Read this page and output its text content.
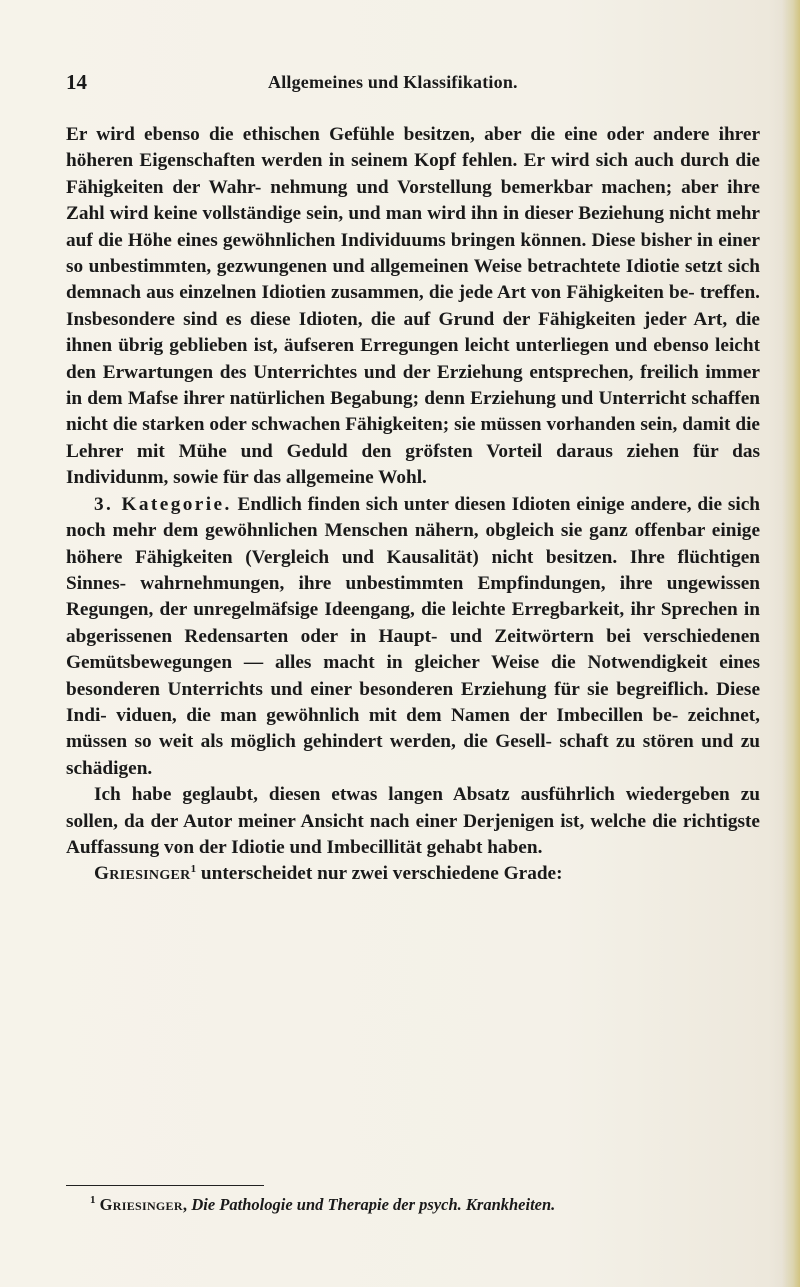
14	Allgemeines und Klassifikation.

Er wird ebenso die ethischen Gefühle besitzen, aber die eine oder andere ihrer höheren Eigenschaften werden in seinem Kopf fehlen. Er wird sich auch durch die Fähigkeiten der Wahr- nehmung und Vorstellung bemerkbar machen; aber ihre Zahl wird keine vollständige sein, und man wird ihn in dieser Beziehung nicht mehr auf die Höhe eines gewöhnlichen Individuums bringen können. Diese bisher in einer so unbestimmten, gezwungenen und allgemeinen Weise betrachtete Idiotie setzt sich demnach aus einzelnen Idiotien zusammen, die jede Art von Fähigkeiten be- treffen. Insbesondere sind es diese Idioten, die auf Grund der Fähigkeiten jeder Art, die ihnen übrig geblieben ist, äufseren Erregungen leicht unterliegen und ebenso leicht den Erwartungen des Unterrichtes und der Erziehung entsprechen, freilich immer in dem Mafse ihrer natürlichen Begabung; denn Erziehung und Unterricht schaffen nicht die starken oder schwachen Fähigkeiten; sie müssen vorhanden sein, damit die Lehrer mit Mühe und Geduld den gröfsten Vorteil daraus ziehen für das Individunm, sowie für das allgemeine Wohl.

3. Kategorie. Endlich finden sich unter diesen Idioten einige andere, die sich noch mehr dem gewöhnlichen Menschen nähern, obgleich sie ganz offenbar einige höhere Fähigkeiten (Vergleich und Kausalität) nicht besitzen. Ihre flüchtigen Sinnes- wahrnehmungen, ihre unbestimmten Empfindungen, ihre ungewissen Regungen, der unregelmäfsige Ideengang, die leichte Erregbarkeit, ihr Sprechen in abgerissenen Redensarten oder in Haupt- und Zeitwörtern bei verschiedenen Gemütsbewegungen — alles macht in gleicher Weise die Notwendigkeit eines besonderen Unterrichts und einer besonderen Erziehung für sie begreiflich. Diese Indi- viduen, die man gewöhnlich mit dem Namen der Imbecillen be- zeichnet, müssen so weit als möglich gehindert werden, die Gesell- schaft zu stören und zu schädigen.

Ich habe geglaubt, diesen etwas langen Absatz ausführlich wiedergeben zu sollen, da der Autor meiner Ansicht nach einer Derjenigen ist, welche die richtigste Auffassung von der Idiotie und Imbecillität gehabt haben.

Griesinger$^1$ unterscheidet nur zwei verschiedene Grade:

$^1$ Griesinger, Die Pathologie und Therapie der psych. Krankheiten.
